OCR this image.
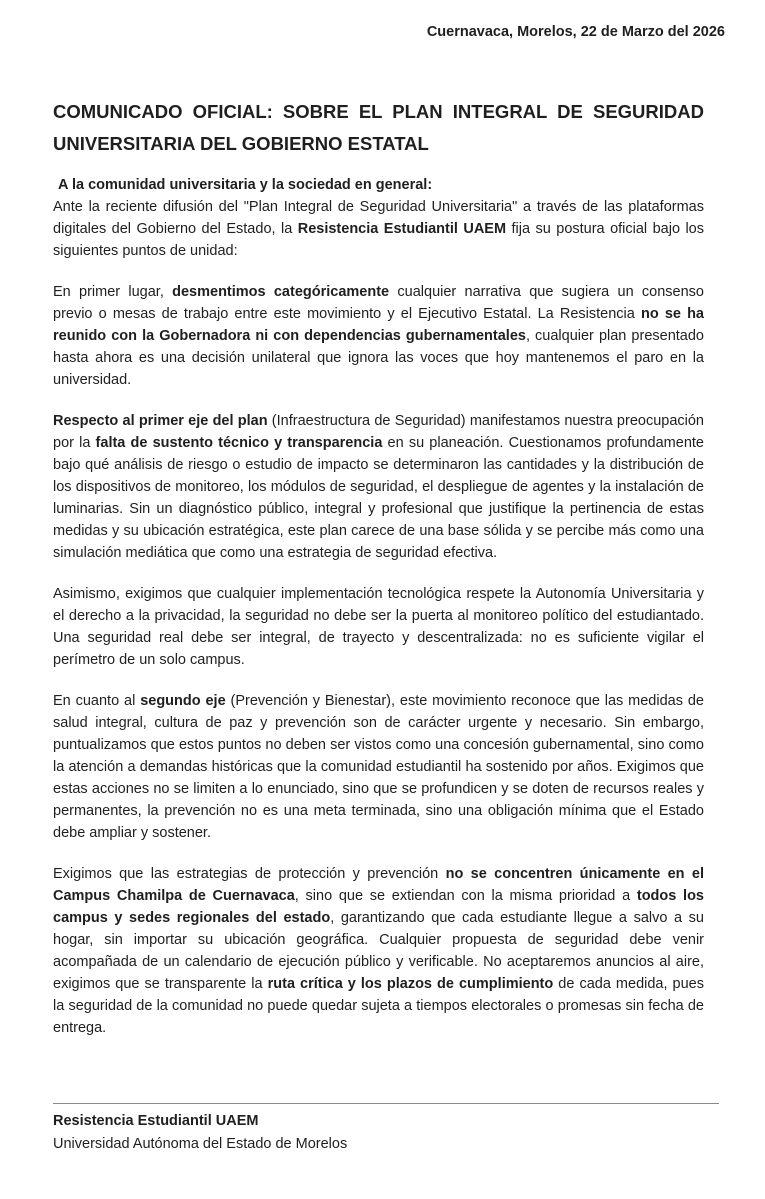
Cuernavaca, Morelos, 22 de Marzo del 2026
COMUNICADO OFICIAL: SOBRE EL PLAN INTEGRAL DE SEGURIDAD UNIVERSITARIA DEL GOBIERNO ESTATAL
A la comunidad universitaria y la sociedad en general:

Ante la reciente difusión del "Plan Integral de Seguridad Universitaria" a través de las plataformas digitales del Gobierno del Estado, la Resistencia Estudiantil UAEM fija su postura oficial bajo los siguientes puntos de unidad:

En primer lugar, desmentimos categóricamente cualquier narrativa que sugiera un consenso previo o mesas de trabajo entre este movimiento y el Ejecutivo Estatal. La Resistencia no se ha reunido con la Gobernadora ni con dependencias gubernamentales, cualquier plan presentado hasta ahora es una decisión unilateral que ignora las voces que hoy mantenemos el paro en la universidad.

Respecto al primer eje del plan (Infraestructura de Seguridad) manifestamos nuestra preocupación por la falta de sustento técnico y transparencia en su planeación. Cuestionamos profundamente bajo qué análisis de riesgo o estudio de impacto se determinaron las cantidades y la distribución de los dispositivos de monitoreo, los módulos de seguridad, el despliegue de agentes y la instalación de luminarias. Sin un diagnóstico público, integral y profesional que justifique la pertinencia de estas medidas y su ubicación estratégica, este plan carece de una base sólida y se percibe más como una simulación mediática que como una estrategia de seguridad efectiva.

Asimismo, exigimos que cualquier implementación tecnológica respete la Autonomía Universitaria y el derecho a la privacidad, la seguridad no debe ser la puerta al monitoreo político del estudiantado. Una seguridad real debe ser integral, de trayecto y descentralizada: no es suficiente vigilar el perímetro de un solo campus.

En cuanto al segundo eje (Prevención y Bienestar), este movimiento reconoce que las medidas de salud integral, cultura de paz y prevención son de carácter urgente y necesario. Sin embargo, puntualizamos que estos puntos no deben ser vistos como una concesión gubernamental, sino como la atención a demandas históricas que la comunidad estudiantil ha sostenido por años. Exigimos que estas acciones no se limiten a lo enunciado, sino que se profundicen y se doten de recursos reales y permanentes, la prevención no es una meta terminada, sino una obligación mínima que el Estado debe ampliar y sostener.

Exigimos que las estrategias de protección y prevención no se concentren únicamente en el Campus Chamilpa de Cuernavaca, sino que se extiendan con la misma prioridad a todos los campus y sedes regionales del estado, garantizando que cada estudiante llegue a salvo a su hogar, sin importar su ubicación geográfica. Cualquier propuesta de seguridad debe venir acompañada de un calendario de ejecución público y verificable. No aceptaremos anuncios al aire, exigimos que se transparente la ruta crítica y los plazos de cumplimiento de cada medida, pues la seguridad de la comunidad no puede quedar sujeta a tiempos electorales o promesas sin fecha de entrega.

Resistencia Estudiantil UAEM
Universidad Autónoma del Estado de Morelos
